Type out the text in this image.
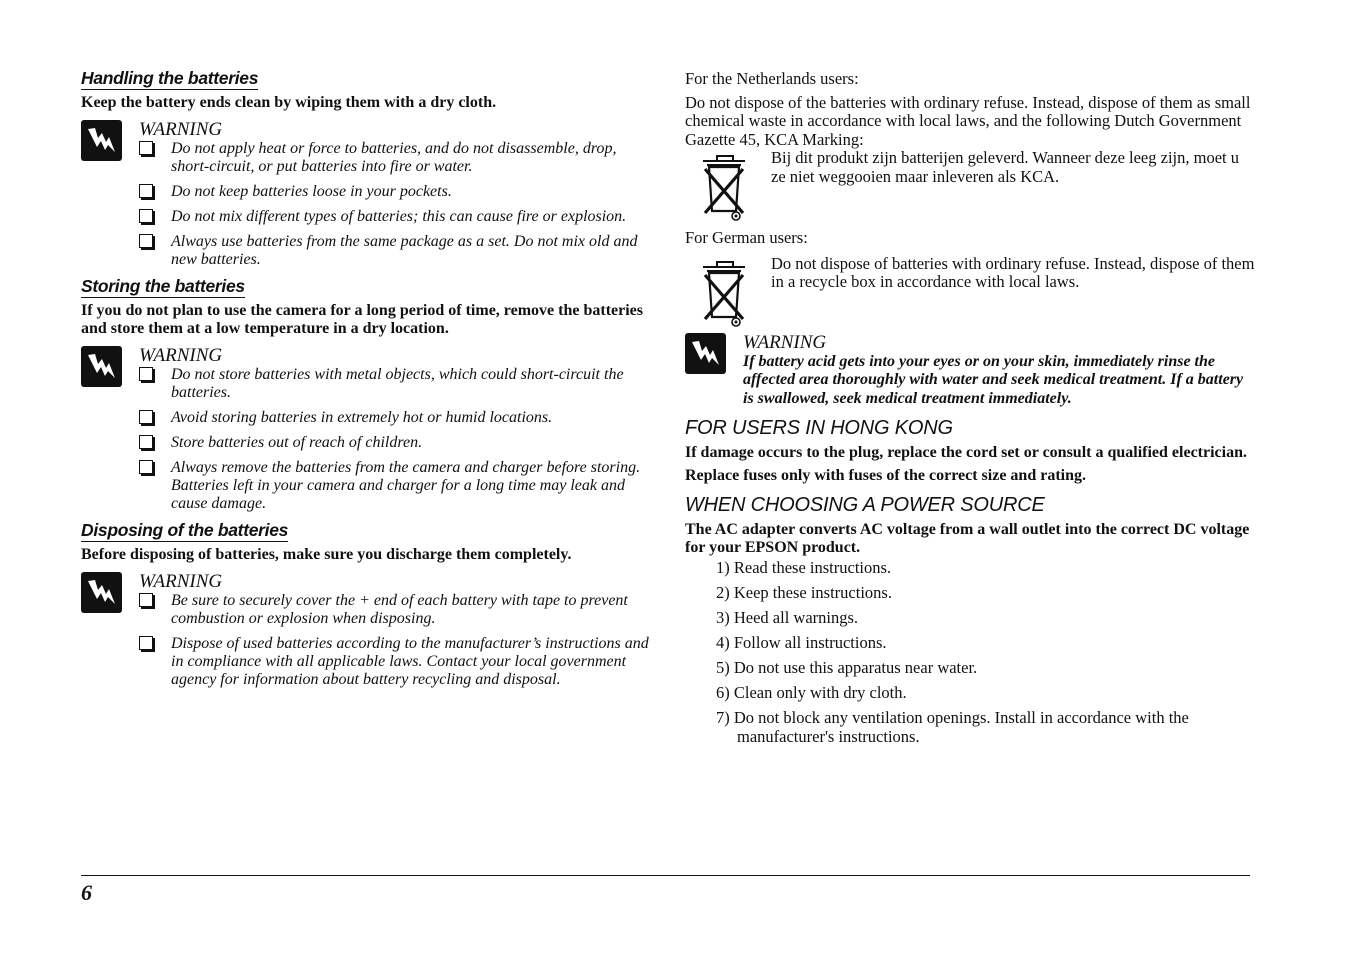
Handling the batteries

Keep the battery ends clean by wiping them with a dry cloth.

WARNING
Do not apply heat or force to batteries, and do not disassemble, drop, short-circuit, or put batteries into fire or water.
Do not keep batteries loose in your pockets.
Do not mix different types of batteries; this can cause fire or explosion.
Always use batteries from the same package as a set. Do not mix old and new batteries.
Storing the batteries

If you do not plan to use the camera for a long period of time, remove the batteries and store them at a low temperature in a dry location.

WARNING
Do not store batteries with metal objects, which could short-circuit the batteries.
Avoid storing batteries in extremely hot or humid locations.
Store batteries out of reach of children.
Always remove the batteries from the camera and charger before storing. Batteries left in your camera and charger for a long time may leak and cause damage.
Disposing of the batteries

Before disposing of batteries, make sure you discharge them completely.

WARNING
Be sure to securely cover the + end of each battery with tape to prevent combustion or explosion when disposing.
Dispose of used batteries according to the manufacturer’s instructions and in compliance with all applicable laws. Contact your local government agency for information about battery recycling and disposal.

For the Netherlands users:

Do not dispose of the batteries with ordinary refuse. Instead, dispose of them as small chemical waste in accordance with local laws, and the following Dutch Government Gazette 45, KCA Marking:

Bij dit produkt zijn batterijen geleverd. Wanneer deze leeg zijn, moet u ze niet weggooien maar inleveren als KCA.

For German users:

Do not dispose of batteries with ordinary refuse. Instead, dispose of them in a recycle box in accordance with local laws.

WARNING

If battery acid gets into your eyes or on your skin, immediately rinse the affected area thoroughly with water and seek medical treatment. If a battery is swallowed, seek medical treatment immediately.

FOR USERS IN HONG KONG

If damage occurs to the plug, replace the cord set or consult a qualified electrician.

Replace fuses only with fuses of the correct size and rating.

WHEN CHOOSING A POWER SOURCE

The AC adapter converts AC voltage from a wall outlet into the correct DC voltage for your EPSON product.

1) Read these instructions.
2) Keep these instructions.
3) Heed all warnings.
4) Follow all instructions.
5) Do not use this apparatus near water.
6) Clean only with dry cloth.
7) Do not block any ventilation openings. Install in accordance with the
manufacturer's instructions.
6
